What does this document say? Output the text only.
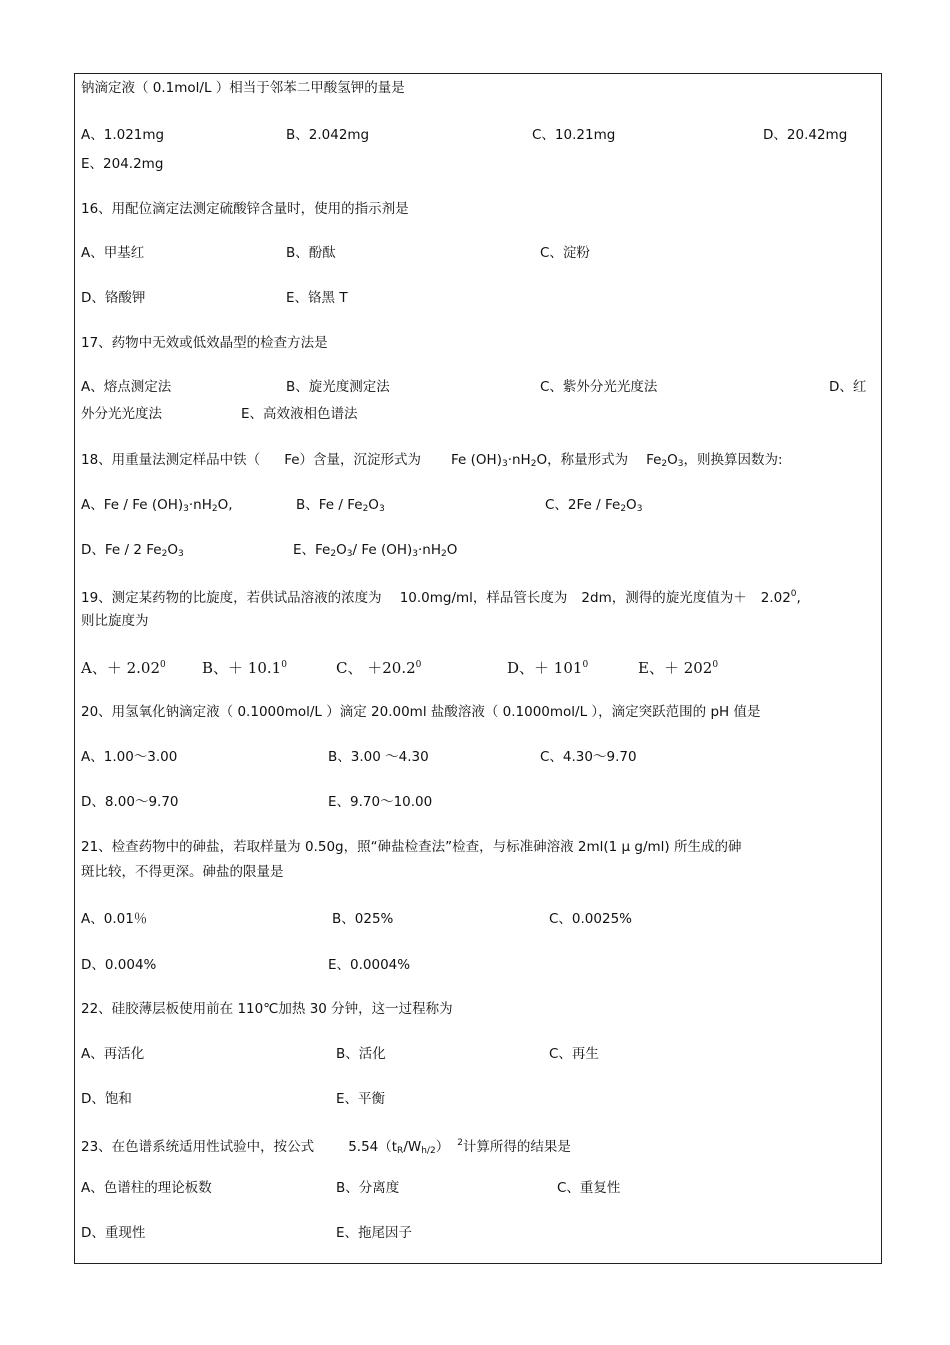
钠滴定液（ 0.1mol/L ）相当于邻苯二甲酸氢钾的量是
A、1.021mg	B、2.042mg	C、10.21mg	D、20.42mg
E、204.2mg
16、用配位滴定法测定硫酸锌含量时，使用的指示剂是
A、甲基红	B、酚酞	C、淀粉
D、铬酸钾	E、铬黑 T
17、药物中无效或低效晶型的检查方法是
A、熔点测定法	B、旋光度测定法	C、紫外分光光度法	D、红
外分光光度法	E、高效液相色谱法
18、用重量法测定样品中铁（ Fe）含量，沉淀形式为 Fe $(OH)_3\cdot nH_2O$，称量形式为 $Fe_2O_3$，则换算因数为:
A、Fe / Fe $(OH)_3\cdot nH_2O$,	B、Fe / $Fe_2O_3$	C、$2Fe / Fe_2O_3$
D、Fe / 2 $Fe_2O_3$	E、$Fe_2O_3/$ Fe $(OH)_3\cdot nH_2O$
19、测定某药物的比旋度，若供试品溶液的浓度为 10.0mg/ml，样品管长度为 2dm，测得的旋光度值为＋ $2.02^0$,
则比旋度为
A、＋ $2.02^0$ B、＋ $10.1^0$	C、 $+20.2^0$	D、＋ $101^0$	E、＋ $202^0$
20、用氢氧化钠滴定液（ 0.1000mol/L ）滴定 20.00ml 盐酸溶液（ 0.1000mol/L ），滴定突跃范围的 pH 值是
A、1.00～3.00	B、3.00 ～4.30	C、4.30～9.70
D、8.00～9.70	E、9.70～10.00
21、检查药物中的砷盐，若取样量为 0.50g，照“砷盐检查法”检查，与标准砷溶液 2ml(1 μ g/ml) 所生成的砷
斑比较，不得更深。砷盐的限量是
A、0.01％	B、025%	C、0.0025%
D、0.004%	E、0.0004%
22、硅胶薄层板使用前在 110℃加热 30 分钟，这一过程称为
A、再活化	B、活化	C、再生
D、饱和	E、平衡
23、在色谱系统适用性试验中，按公式	$5.54(t_R/W_{h/2})$ $^2$计算所得的结果是
A、色谱柱的理论板数	B、分离度	C、重复性
D、重现性	E、拖尾因子
